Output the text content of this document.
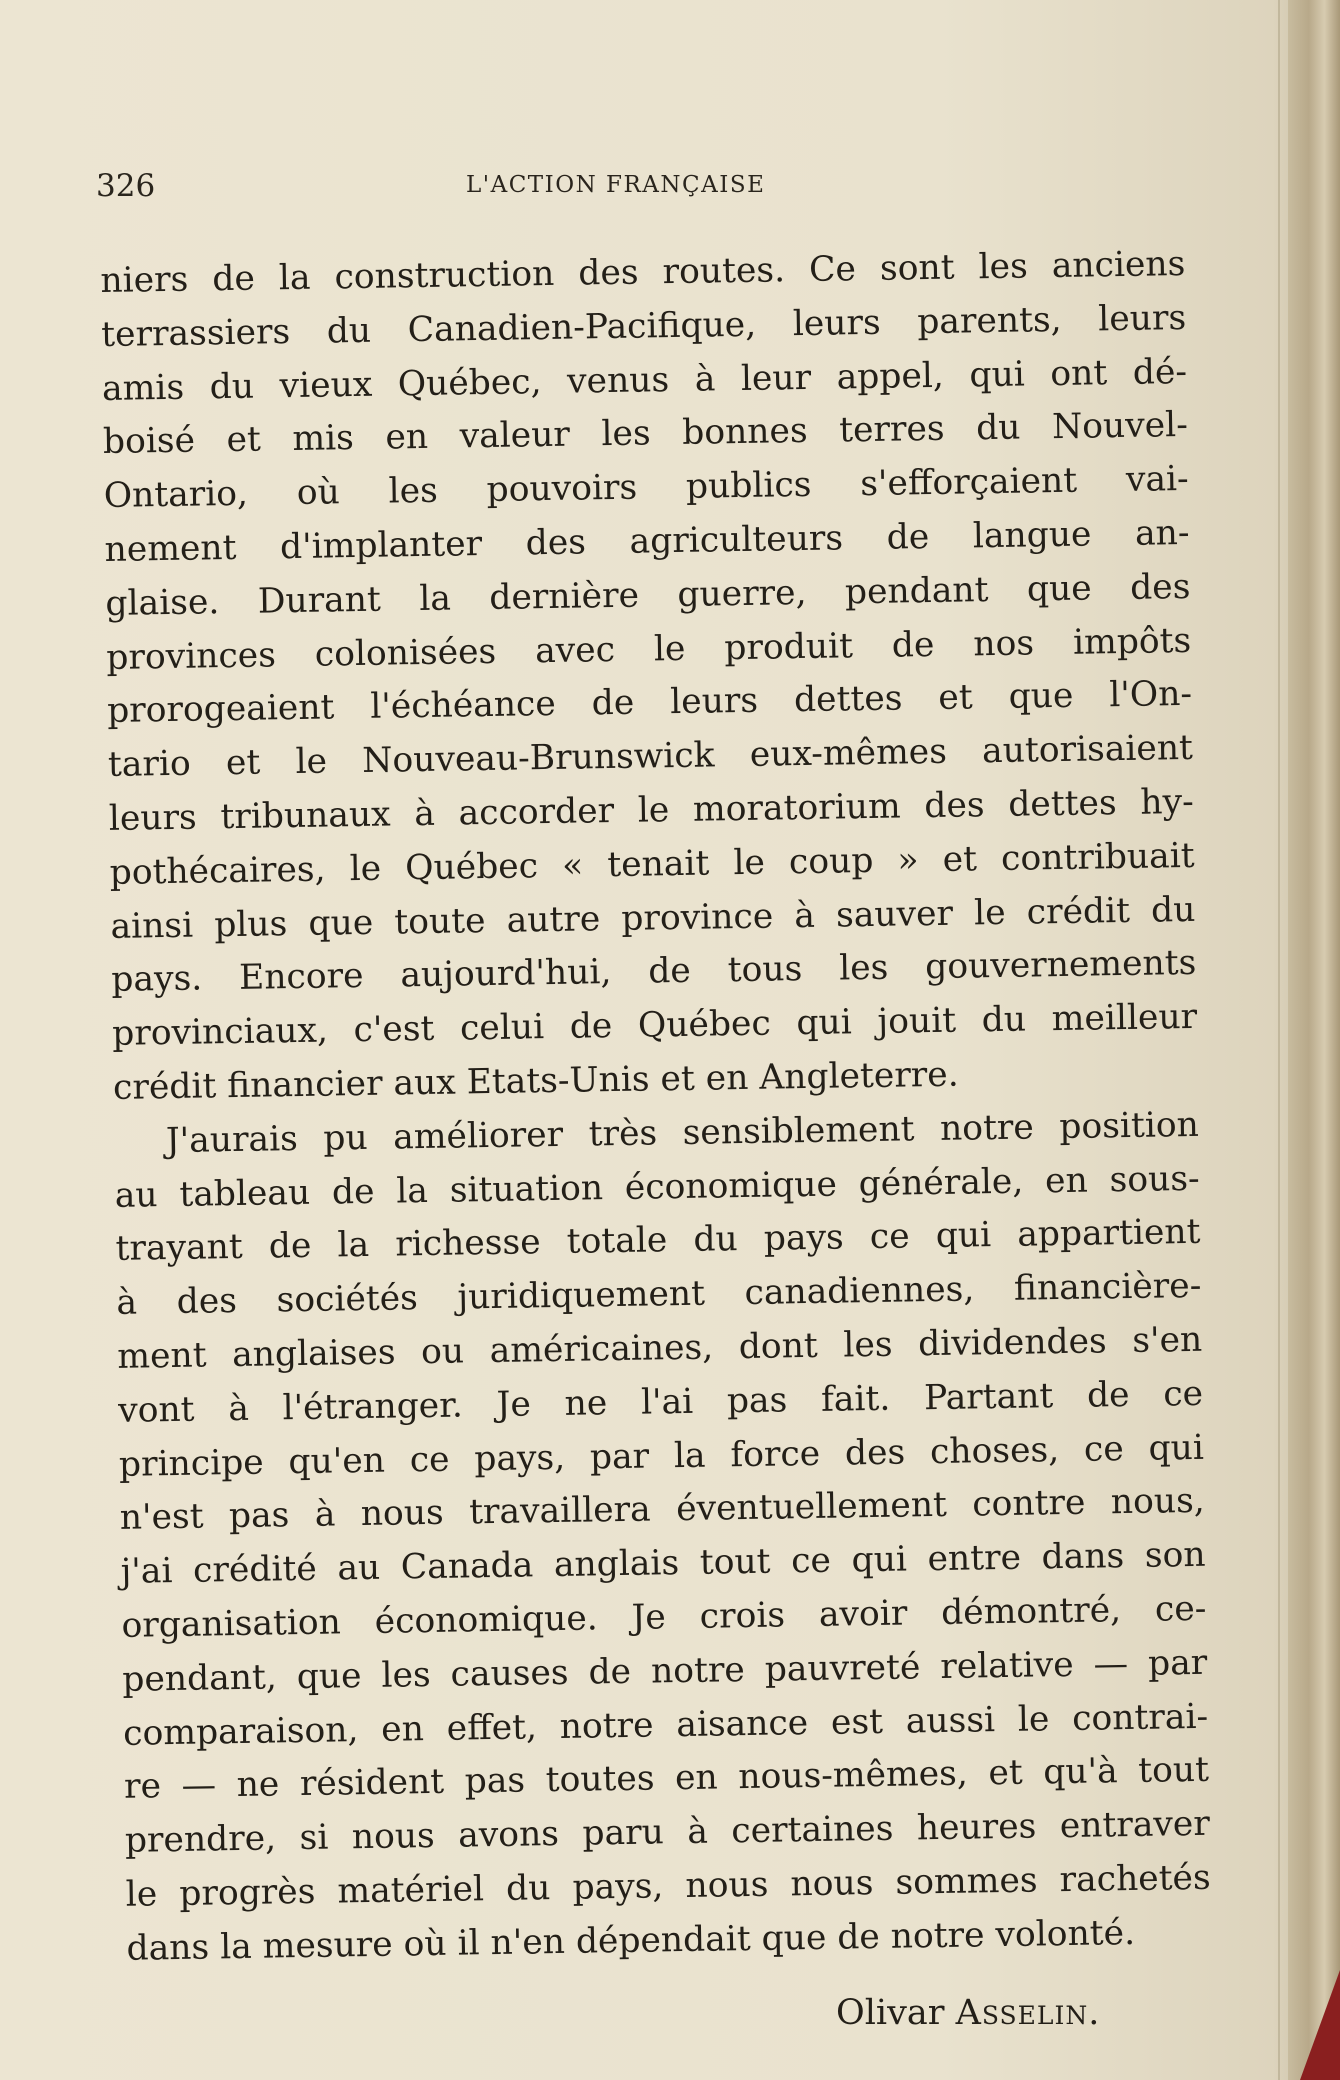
326	L'ACTION FRANÇAISE
niers de la construction des routes. Ce sont les anciens
terrassiers du Canadien-Pacifique, leurs parents, leurs
amis du vieux Québec, venus à leur appel, qui ont dé-
boisé et mis en valeur les bonnes terres du Nouvel-
Ontario, où les pouvoirs publics s'efforçaient vai-
nement d'implanter des agriculteurs de langue an-
glaise. Durant la dernière guerre, pendant que des
provinces colonisées avec le produit de nos impôts
prorogeaient l'échéance de leurs dettes et que l'On-
tario et le Nouveau-Brunswick eux-mêmes autorisaient
leurs tribunaux à accorder le moratorium des dettes hy-
pothécaires, le Québec « tenait le coup » et contribuait
ainsi plus que toute autre province à sauver le crédit du
pays. Encore aujourd'hui, de tous les gouvernements
provinciaux, c'est celui de Québec qui jouit du meilleur
crédit financier aux Etats-Unis et en Angleterre.
J'aurais pu améliorer très sensiblement notre position
au tableau de la situation économique générale, en sous-
trayant de la richesse totale du pays ce qui appartient
à des sociétés juridiquement canadiennes, financière-
ment anglaises ou américaines, dont les dividendes s'en
vont à l'étranger. Je ne l'ai pas fait. Partant de ce
principe qu'en ce pays, par la force des choses, ce qui
n'est pas à nous travaillera éventuellement contre nous,
j'ai crédité au Canada anglais tout ce qui entre dans son
organisation économique. Je crois avoir démontré, ce-
pendant, que les causes de notre pauvreté relative — par
comparaison, en effet, notre aisance est aussi le contrai-
re — ne résident pas toutes en nous-mêmes, et qu'à tout
prendre, si nous avons paru à certaines heures entraver
le progrès matériel du pays, nous nous sommes rachetés
dans la mesure où il n'en dépendait que de notre volonté.
Olivar Asselin.
